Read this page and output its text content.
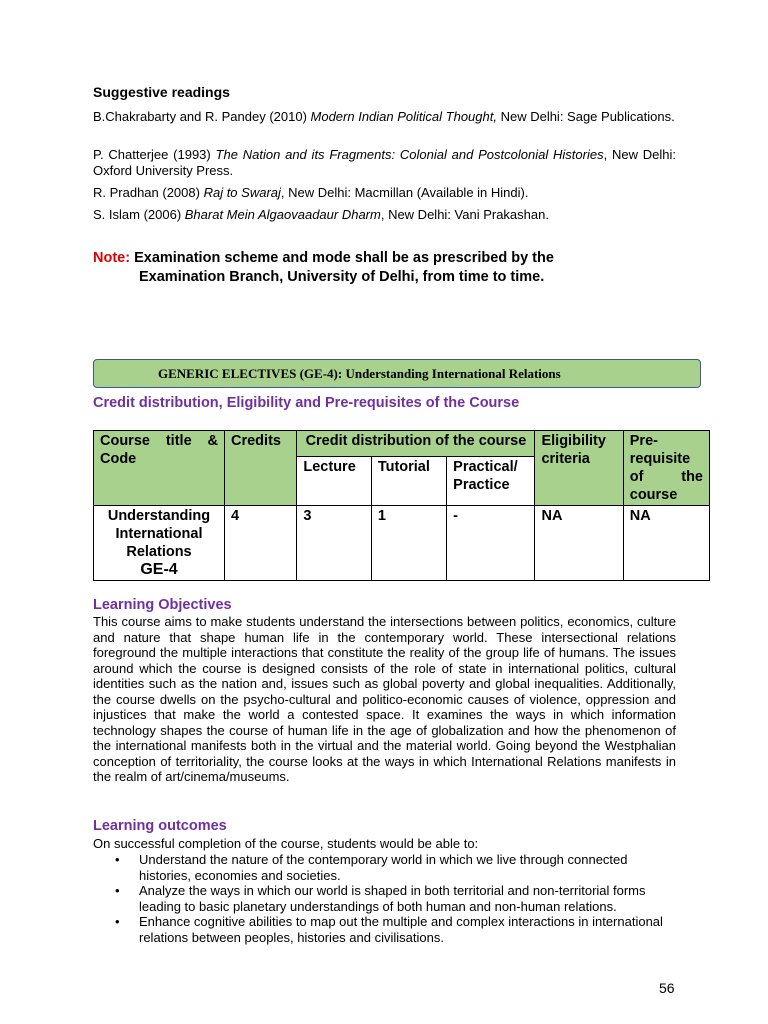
Suggestive readings
B.Chakrabarty and R. Pandey (2010) Modern Indian Political Thought, New Delhi: Sage Publications.
P. Chatterjee (1993) The Nation and its Fragments: Colonial and Postcolonial Histories, New Delhi: Oxford University Press.
R. Pradhan (2008) Raj to Swaraj, New Delhi: Macmillan (Available in Hindi).
S. Islam (2006) Bharat Mein Algaovaadaur Dharm, New Delhi: Vani Prakashan.
Note: Examination scheme and mode shall be as prescribed by the
Examination Branch, University of Delhi, from time to time.
GENERIC ELECTIVES (GE-4): Understanding International Relations
Credit distribution, Eligibility and Pre-requisites of the Course
Course title & Code	Credits	Credit distribution of the course			Eligibility criteria	Pre-requisite of the course
		Lecture	Tutorial	Practical/ Practice		

Understanding International Relations
GE-4	4	3	1	-	NA	NA
Learning Objectives
This course aims to make students understand the intersections between politics, economics, culture and nature that shape human life in the contemporary world. These intersectional relations foreground the multiple interactions that constitute the reality of the group life of humans. The issues around which the course is designed consists of the role of state in international politics, cultural identities such as the nation and, issues such as global poverty and global inequalities. Additionally, the course dwells on the psycho-cultural and politico-economic causes of violence, oppression and injustices that make the world a contested space. It examines the ways in which information technology shapes the course of human life in the age of globalization and how the phenomenon of the international manifests both in the virtual and the material world. Going beyond the Westphalian conception of territoriality, the course looks at the ways in which International Relations manifests in the realm of art/cinema/museums.
Learning outcomes
On successful completion of the course, students would be able to:
• Understand the nature of the contemporary world in which we live through connected histories, economies and societies.
• Analyze the ways in which our world is shaped in both territorial and non-territorial forms leading to basic planetary understandings of both human and non-human relations.
• Enhance cognitive abilities to map out the multiple and complex interactions in international relations between peoples, histories and civilisations.
56
